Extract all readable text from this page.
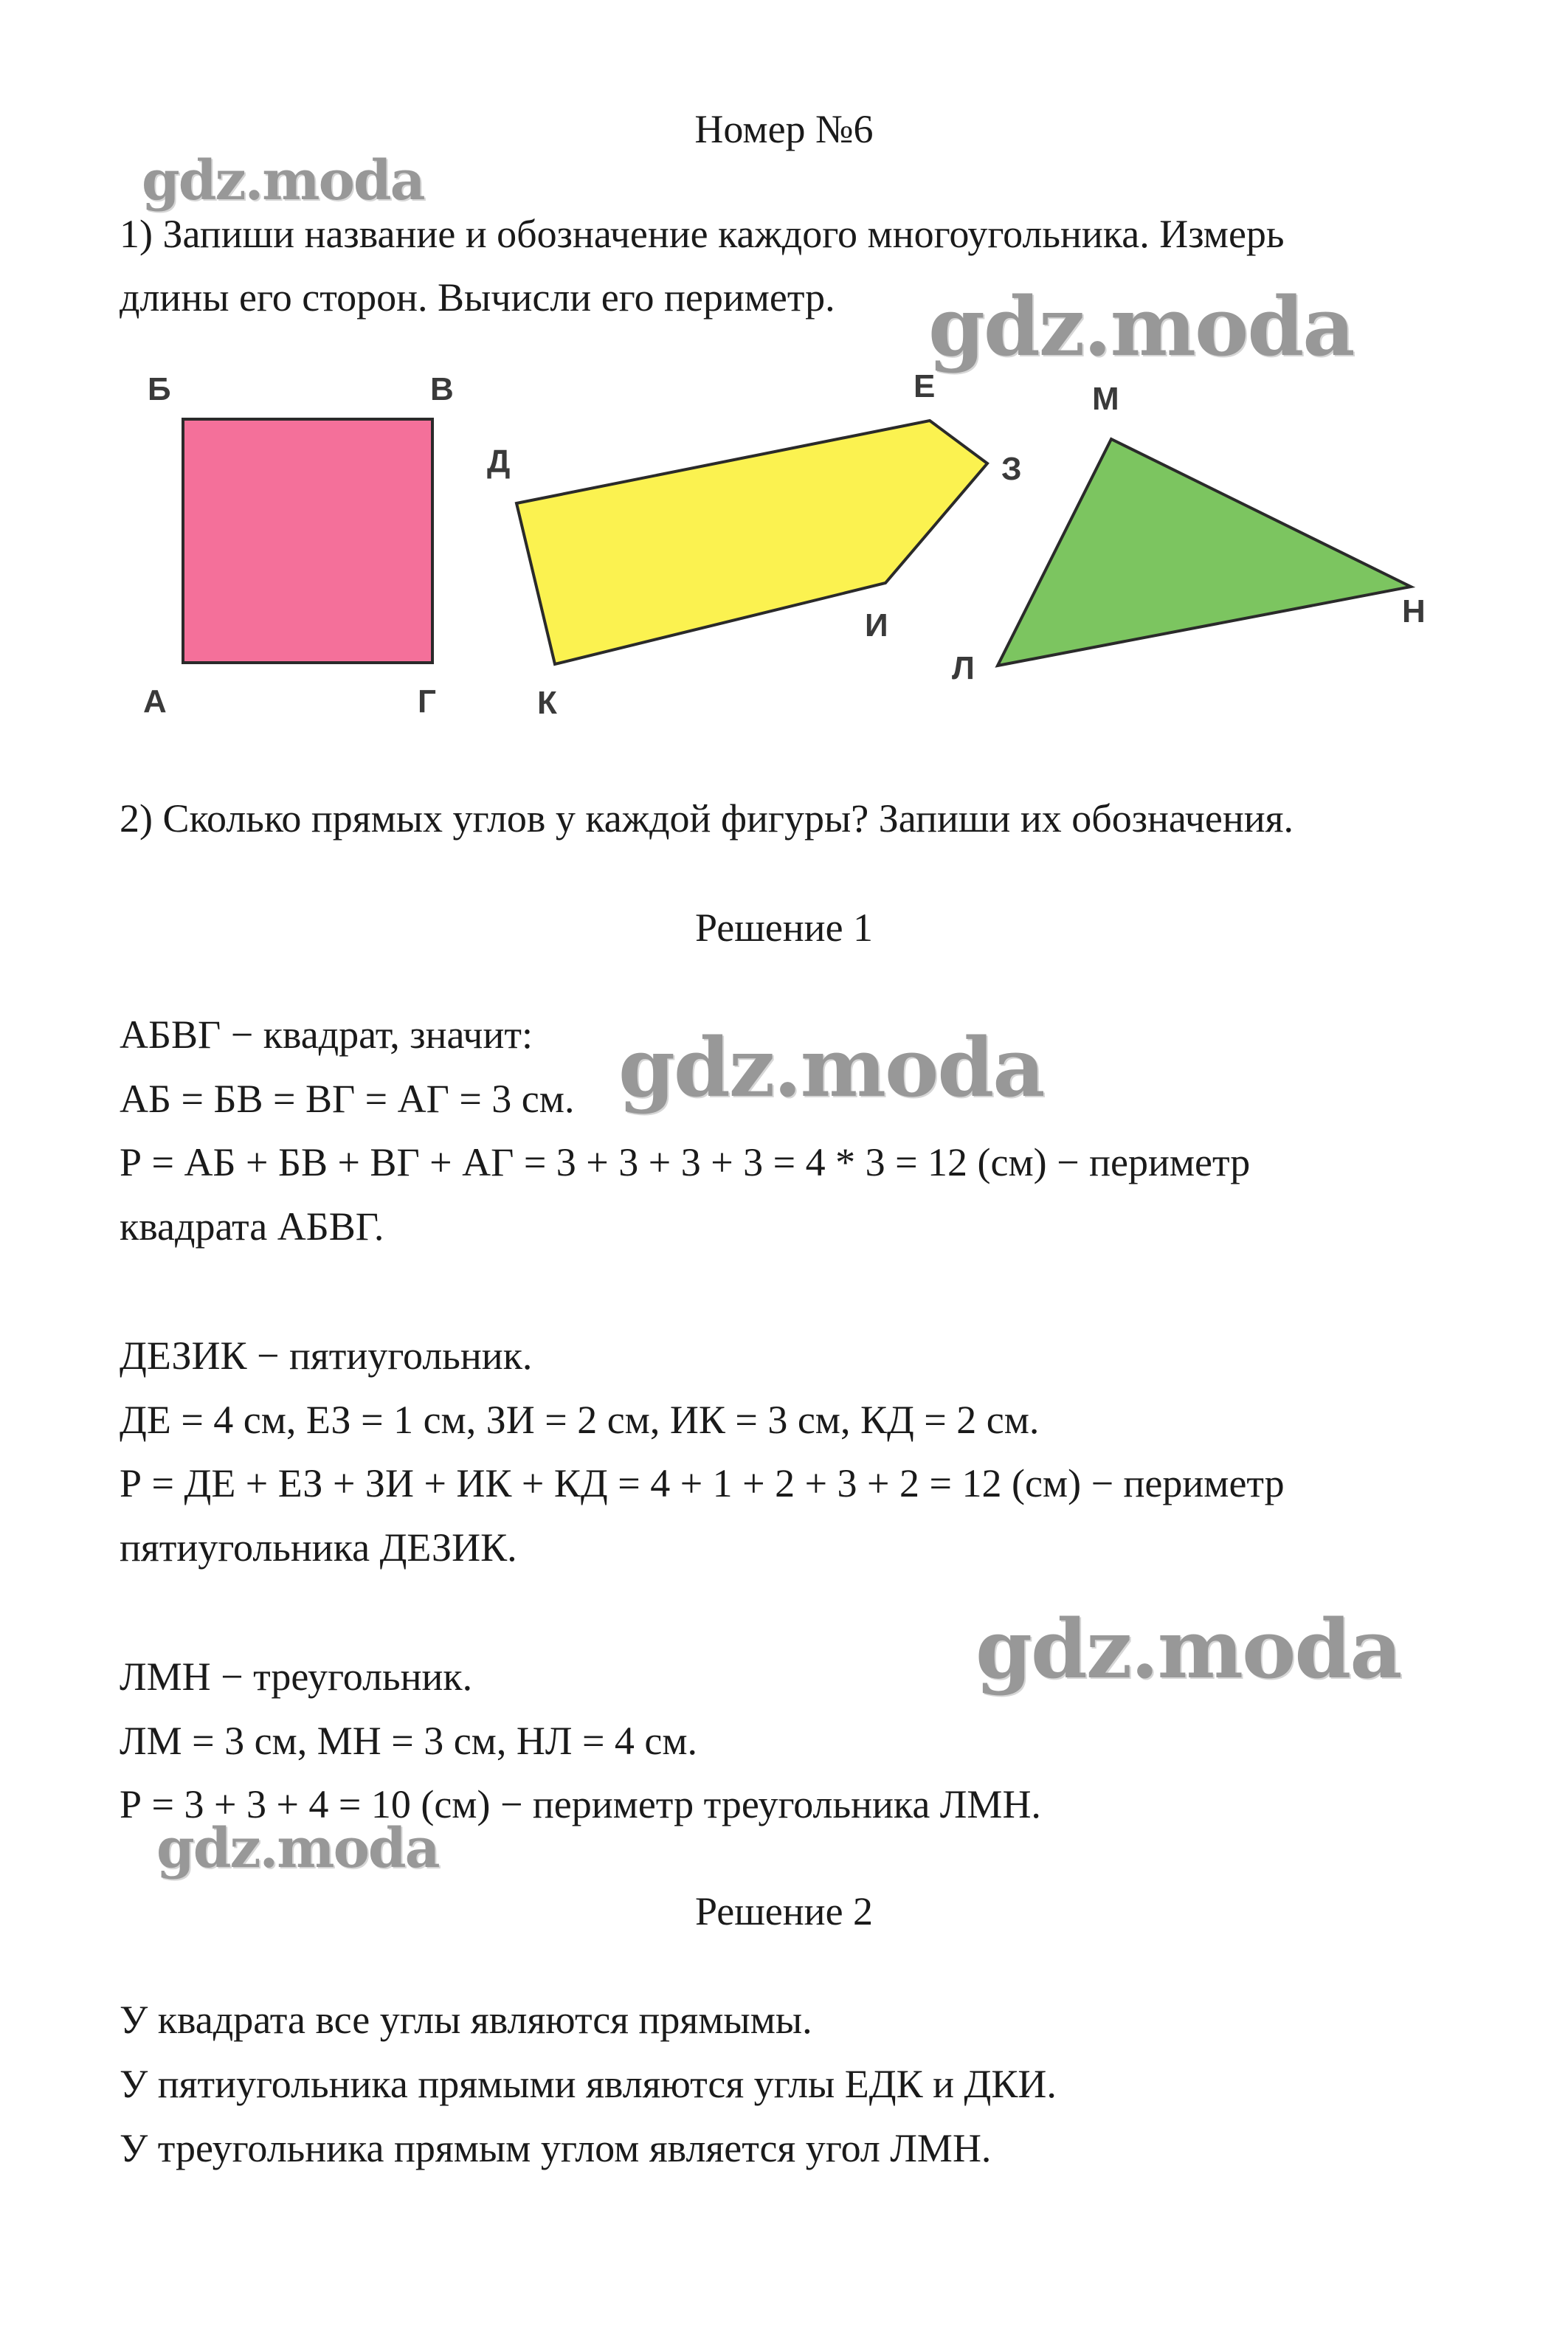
Номер №6
1) Запиши название и обозначение каждого многоугольника. Измерь
длины его сторон. Вычисли его периметр.
Б	В
А	Г
Д
Е
З
И
К
М
Н
Л
2) Сколько прямых углов у каждой фигуры? Запиши их обозначения.
Решение 1
АБВГ − квадрат, значит:
АБ = БВ = ВГ = АГ = 3 см.
Р = АБ + БВ + ВГ + АГ = 3 + 3 + 3 + 3 = 4 * 3 = 12 (см) − периметр
квадрата АБВГ.
ДЕЗИК − пятиугольник.
ДЕ = 4 см, ЕЗ = 1 см, ЗИ = 2 см, ИК = 3 см, КД = 2 см.
Р = ДЕ + ЕЗ + ЗИ + ИК + КД = 4 + 1 + 2 + 3 + 2 = 12 (см) − периметр
пятиугольника ДЕЗИК.
ЛМН − треугольник.
ЛМ = 3 см, МН = 3 см, НЛ = 4 см.
Р = 3 + 3 + 4 = 10 (см) − периметр треугольника ЛМН.
Решение 2
У квадрата все углы являются прямымы.
У пятиугольника прямыми являются углы ЕДК и ДКИ.
У треугольника прямым углом является угол ЛМН.
gdz.moda
gdz.moda
gdz.moda
gdz.moda
gdz.moda
